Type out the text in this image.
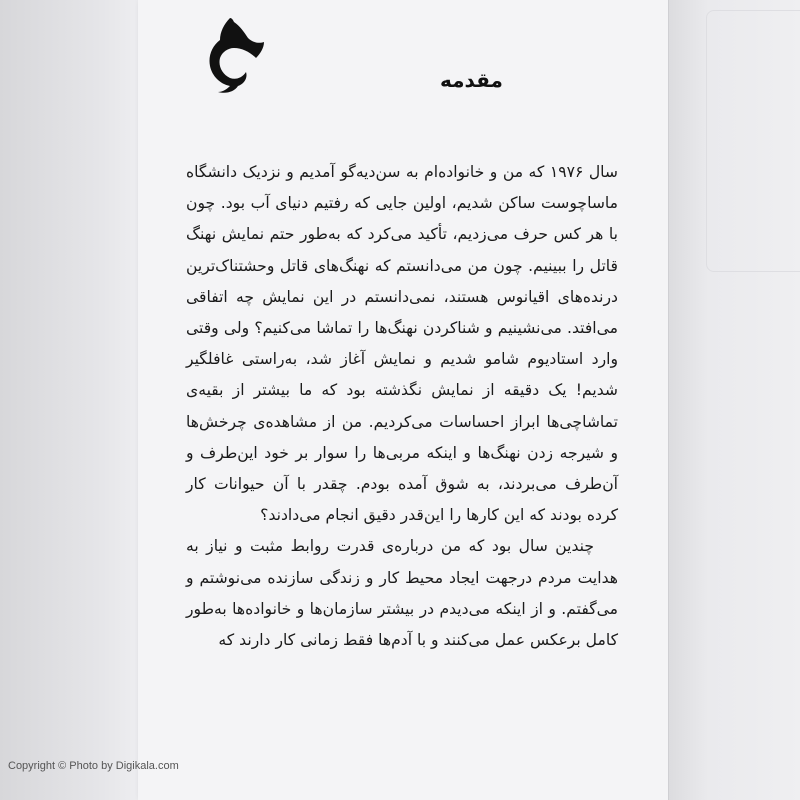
مقدمه

سال ۱۹۷۶ که من و خانواده‌ام به سن‌دیه‌گو آمدیم و نزدیک دانشگاه ماساچوست ساکن شدیم، اولین جایی که رفتیم دنیای آب بود. چون با هر کس حرف می‌زدیم، تأکید می‌کرد که به‌طور حتم نمایش نهنگ قاتل را ببینیم. چون من می‌دانستم که نهنگ‌های قاتل وحشتناک‌ترین درنده‌های اقیانوس هستند، نمی‌دانستم در این نمایش چه اتفاقی می‌افتد. می‌نشینیم و شناکردن نهنگ‌ها را تماشا می‌کنیم؟ ولی وقتی وارد استادیوم شامو شدیم و نمایش آغاز شد، به‌راستی غافلگیر شدیم! یک دقیقه از نمایش نگذشته بود که ما بیشتر از بقیه‌ی تماشاچی‌ها ابراز احساسات می‌کردیم. من از مشاهده‌ی چرخش‌ها و شیرجه زدن نهنگ‌ها و اینکه مربی‌ها را سوار بر خود این‌طرف و آن‌طرف می‌بردند، به شوق آمده بودم. چقدر با آن حیوانات کار کرده بودند که این کارها را این‌قدر دقیق انجام می‌دادند؟

چندین سال بود که من درباره‌ی قدرت روابط مثبت و نیاز به هدایت مردم درجهت ایجاد محیط کار و زندگی سازنده می‌نوشتم و می‌گفتم. و از اینکه می‌دیدم در بیشتر سازمان‌ها و خانواده‌ها به‌طور کامل برعکس عمل می‌کنند و با آدم‌ها فقط زمانی کار دارند که

Copyright © Photo by Digikala.com
